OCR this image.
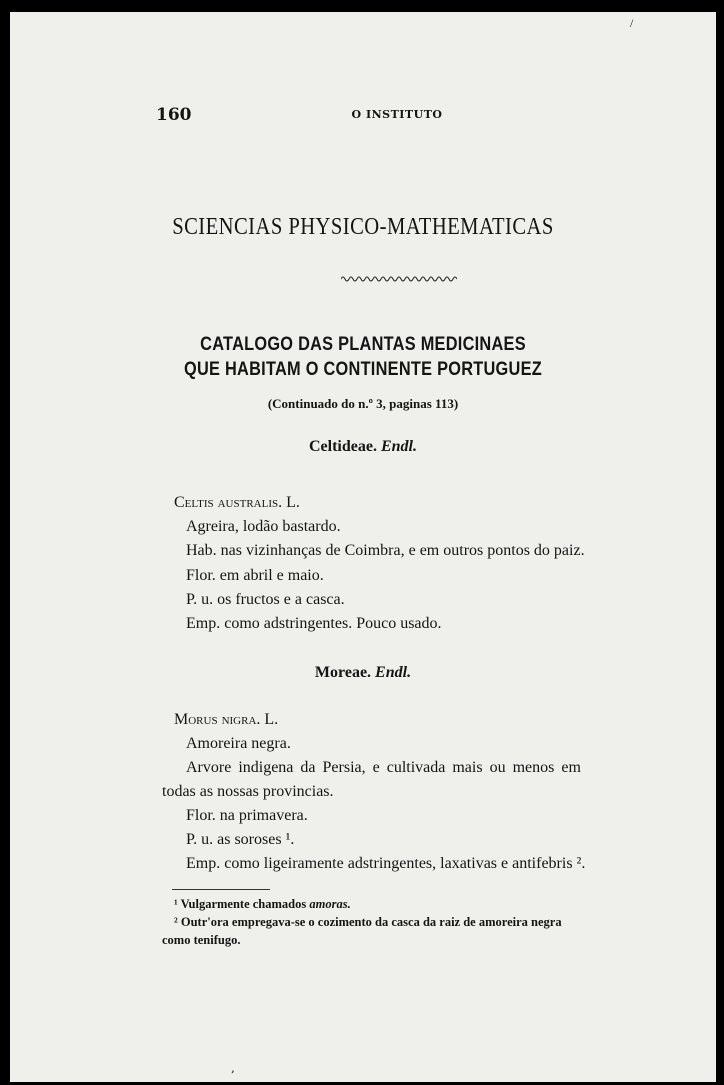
/
160	O INSTITUTO
SCIENCIAS PHYSICO-MATHEMATICAS
CATALOGO DAS PLANTAS MEDICINAES
QUE HABITAM O CONTINENTE PORTUGUEZ
(Continuado do n.º 3, paginas 113)
Celtideae. Endl.
Celtis australis. L.
Agreira, lodão bastardo.
Hab. nas vizinhanças de Coimbra, e em outros pontos do paiz.
Flor. em abril e maio.
P. u. os fructos e a casca.
Emp. como adstringentes. Pouco usado.
Moreae. Endl.
Morus nigra. L.
Amoreira negra.
Arvore indigena da Persia, e cultivada mais ou menos em
todas as nossas provincias.
Flor. na primavera.
P. u. as soroses ¹.
Emp. como ligeiramente adstringentes, laxativas e antifebris ².
¹ Vulgarmente chamados amoras.
² Outr'ora empregava-se o cozimento da casca da raiz de amoreira negra
como tenifugo.
,
